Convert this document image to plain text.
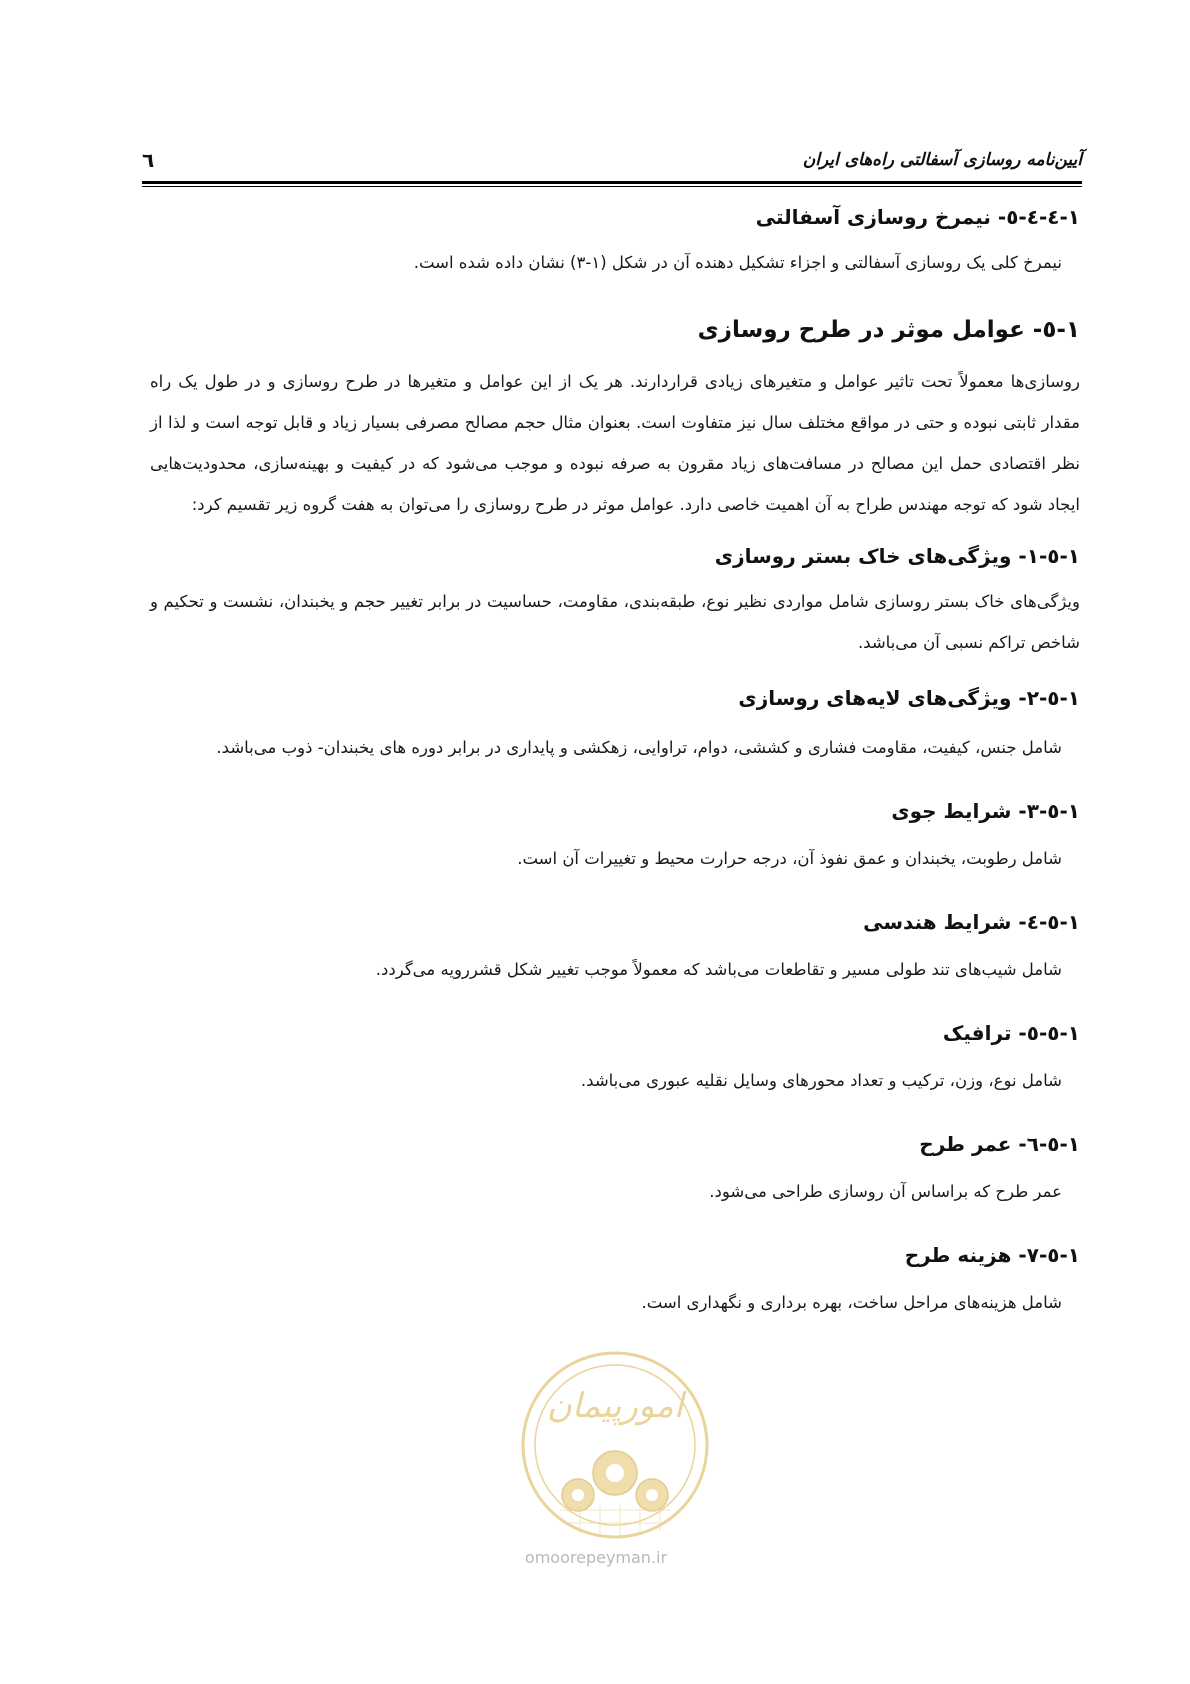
آیین‌نامه روسازی آسفالتی راه‌های ایران
٦
١-٤-٤-٥- نیمرخ روسازی آسفالتی

نیمرخ کلی یک روسازی آسفالتی و اجزاء تشکیل دهنده آن در شکل (١-٣) نشان داده شده است.

١-٥- عوامل موثر در طرح روسازی

روسازی‌ها معمولاً تحت تاثیر عوامل و متغیرهای زیادی قراردارند. هر یک از این عوامل و متغیرها در طرح روسازی و در طول یک راه مقدار ثابتی نبوده و حتی در مواقع مختلف سال نیز متفاوت است. بعنوان مثال حجم مصالح مصرفی بسیار زیاد و قابل توجه است و لذا از نظر اقتصادی حمل این مصالح در مسافت‌های زیاد مقرون به صرفه نبوده و موجب می‌شود که در کیفیت و بهینه‌سازی، محدودیت‌هایی ایجاد شود که توجه مهندس طراح به آن اهمیت خاصی دارد. عوامل موثر در طرح روسازی را می‌توان به هفت گروه زیر تقسیم کرد:

١-٥-١- ویژگی‌های خاک بستر روسازی

ویژگی‌های خاک بستر روسازی شامل مواردی نظیر نوع، طبقه‌بندی، مقاومت، حساسیت در برابر تغییر حجم و یخبندان، نشست و تحکیم و شاخص تراکم نسبی آن می‌باشد.

١-٥-٢- ویژگی‌های لایه‌های روسازی

شامل جنس، کیفیت، مقاومت فشاری و کششی، دوام، تراوایی، زهکشی و پایداری در برابر دوره های یخبندان- ذوب می‌باشد.

١-٥-٣- شرایط جوی

شامل رطوبت، یخبندان و عمق نفوذ آن، درجه حرارت محیط و تغییرات آن است.

١-٥-٤- شرایط هندسی

شامل شیب‌های تند طولی مسیر و تقاطعات می‌باشد که معمولاً موجب تغییر شکل قشررویه می‌گردد.

١-٥-٥- ترافیک

شامل نوع، وزن، ترکیب و تعداد محورهای وسایل نقلیه عبوری می‌باشد.

١-٥-٦- عمر طرح

عمر طرح که براساس آن روسازی طراحی می‌شود.

١-٥-٧- هزینه طرح

شامل هزینه‌های مراحل ساخت، بهره برداری و نگهداری است.

امورپیمان
omoorepeyman.ir
